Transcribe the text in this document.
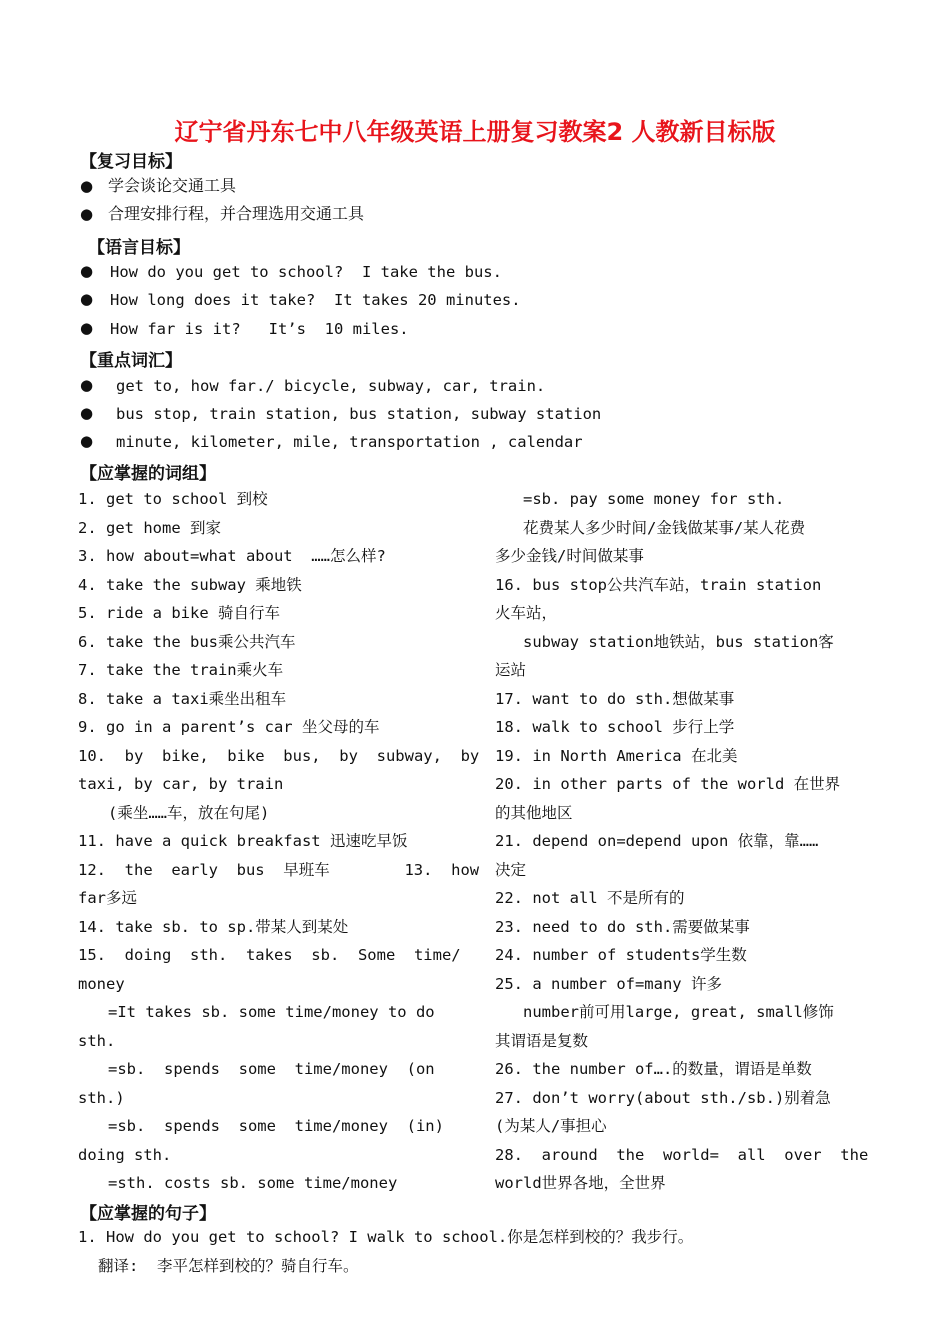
辽宁省丹东七中八年级英语上册复习教案2 人教新目标版
【复习目标】
● 学会谈论交通工具
● 合理安排行程，并合理选用交通工具
【语言目标】
● How do you get to school?  I take the bus.
● How long does it take?  It takes 20 minutes.
● How far is it?   It’s  10 miles.
【重点词汇】
● get to, how far./ bicycle, subway, car, train.
● bus stop, train station, bus station, subway station
● minute, kilometer, mile, transportation , calendar
【应掌握的词组】
1. get to school 到校
2. get home 到家
3. how about=what about  ……怎么样?
4. take the subway 乘地铁
5. ride a bike 骑自行车
6. take the bus乘公共汽车
7. take the train乘火车
8. take a taxi乘坐出租车
9. go in a parent’s car 坐父母的车
10.  by  bike,  bike  bus,  by  subway,  by
taxi, by car, by train
(乘坐……车，放在句尾)
11. have a quick breakfast 迅速吃早饭
12.  the  early  bus  早班车        13.  how
far多远
14. take sb. to sp.带某人到某处
15.  doing  sth.  takes  sb.  Some  time/
money
=It takes sb. some time/money to do
sth.
=sb.  spends  some  time/money  (on
sth.)
=sb.  spends  some  time/money  (in)
doing sth.
=sth. costs sb. some time/money
=sb. pay some money for sth.
花费某人多少时间/金钱做某事/某人花费
多少金钱/时间做某事
16. bus stop公共汽车站，train station
火车站，
subway station地铁站，bus station客
运站
17. want to do sth.想做某事
18. walk to school 步行上学
19. in North America 在北美
20. in other parts of the world 在世界
的其他地区
21. depend on=depend upon 依靠，靠……
决定
22. not all 不是所有的
23. need to do sth.需要做某事
24. number of students学生数
25. a number of=many 许多
number前可用large, great, small修饰
其谓语是复数
26. the number of….的数量，谓语是单数
27. don’t worry(about sth./sb.)别着急
(为某人/事担心
28.  around  the  world=  all  over  the
world世界各地，全世界
【应掌握的句子】
1. How do you get to school? I walk to school.你是怎样到校的？我步行。
翻译:  李平怎样到校的？骑自行车。
